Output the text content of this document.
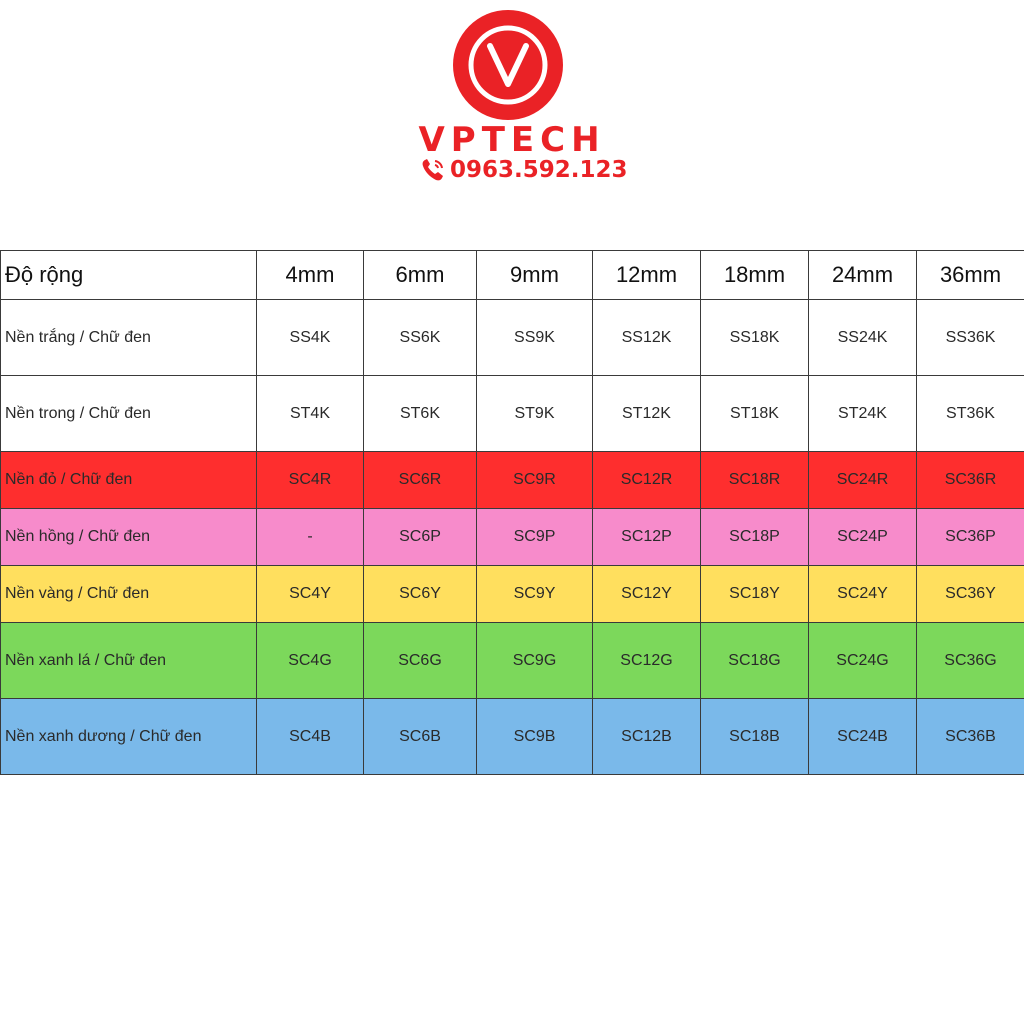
VPTECH
0963.592.123
Độ rộng	4mm	6mm	9mm	12mm	18mm	24mm	36mm
Nền trắng / Chữ đen	SS4K	SS6K	SS9K	SS12K	SS18K	SS24K	SS36K
Nền trong / Chữ đen	ST4K	ST6K	ST9K	ST12K	ST18K	ST24K	ST36K
Nền đỏ / Chữ đen	SC4R	SC6R	SC9R	SC12R	SC18R	SC24R	SC36R
Nền hồng / Chữ đen	-	SC6P	SC9P	SC12P	SC18P	SC24P	SC36P
Nền vàng / Chữ đen	SC4Y	SC6Y	SC9Y	SC12Y	SC18Y	SC24Y	SC36Y
Nền xanh lá / Chữ đen	SC4G	SC6G	SC9G	SC12G	SC18G	SC24G	SC36G
Nền xanh dương / Chữ đen	SC4B	SC6B	SC9B	SC12B	SC18B	SC24B	SC36B
